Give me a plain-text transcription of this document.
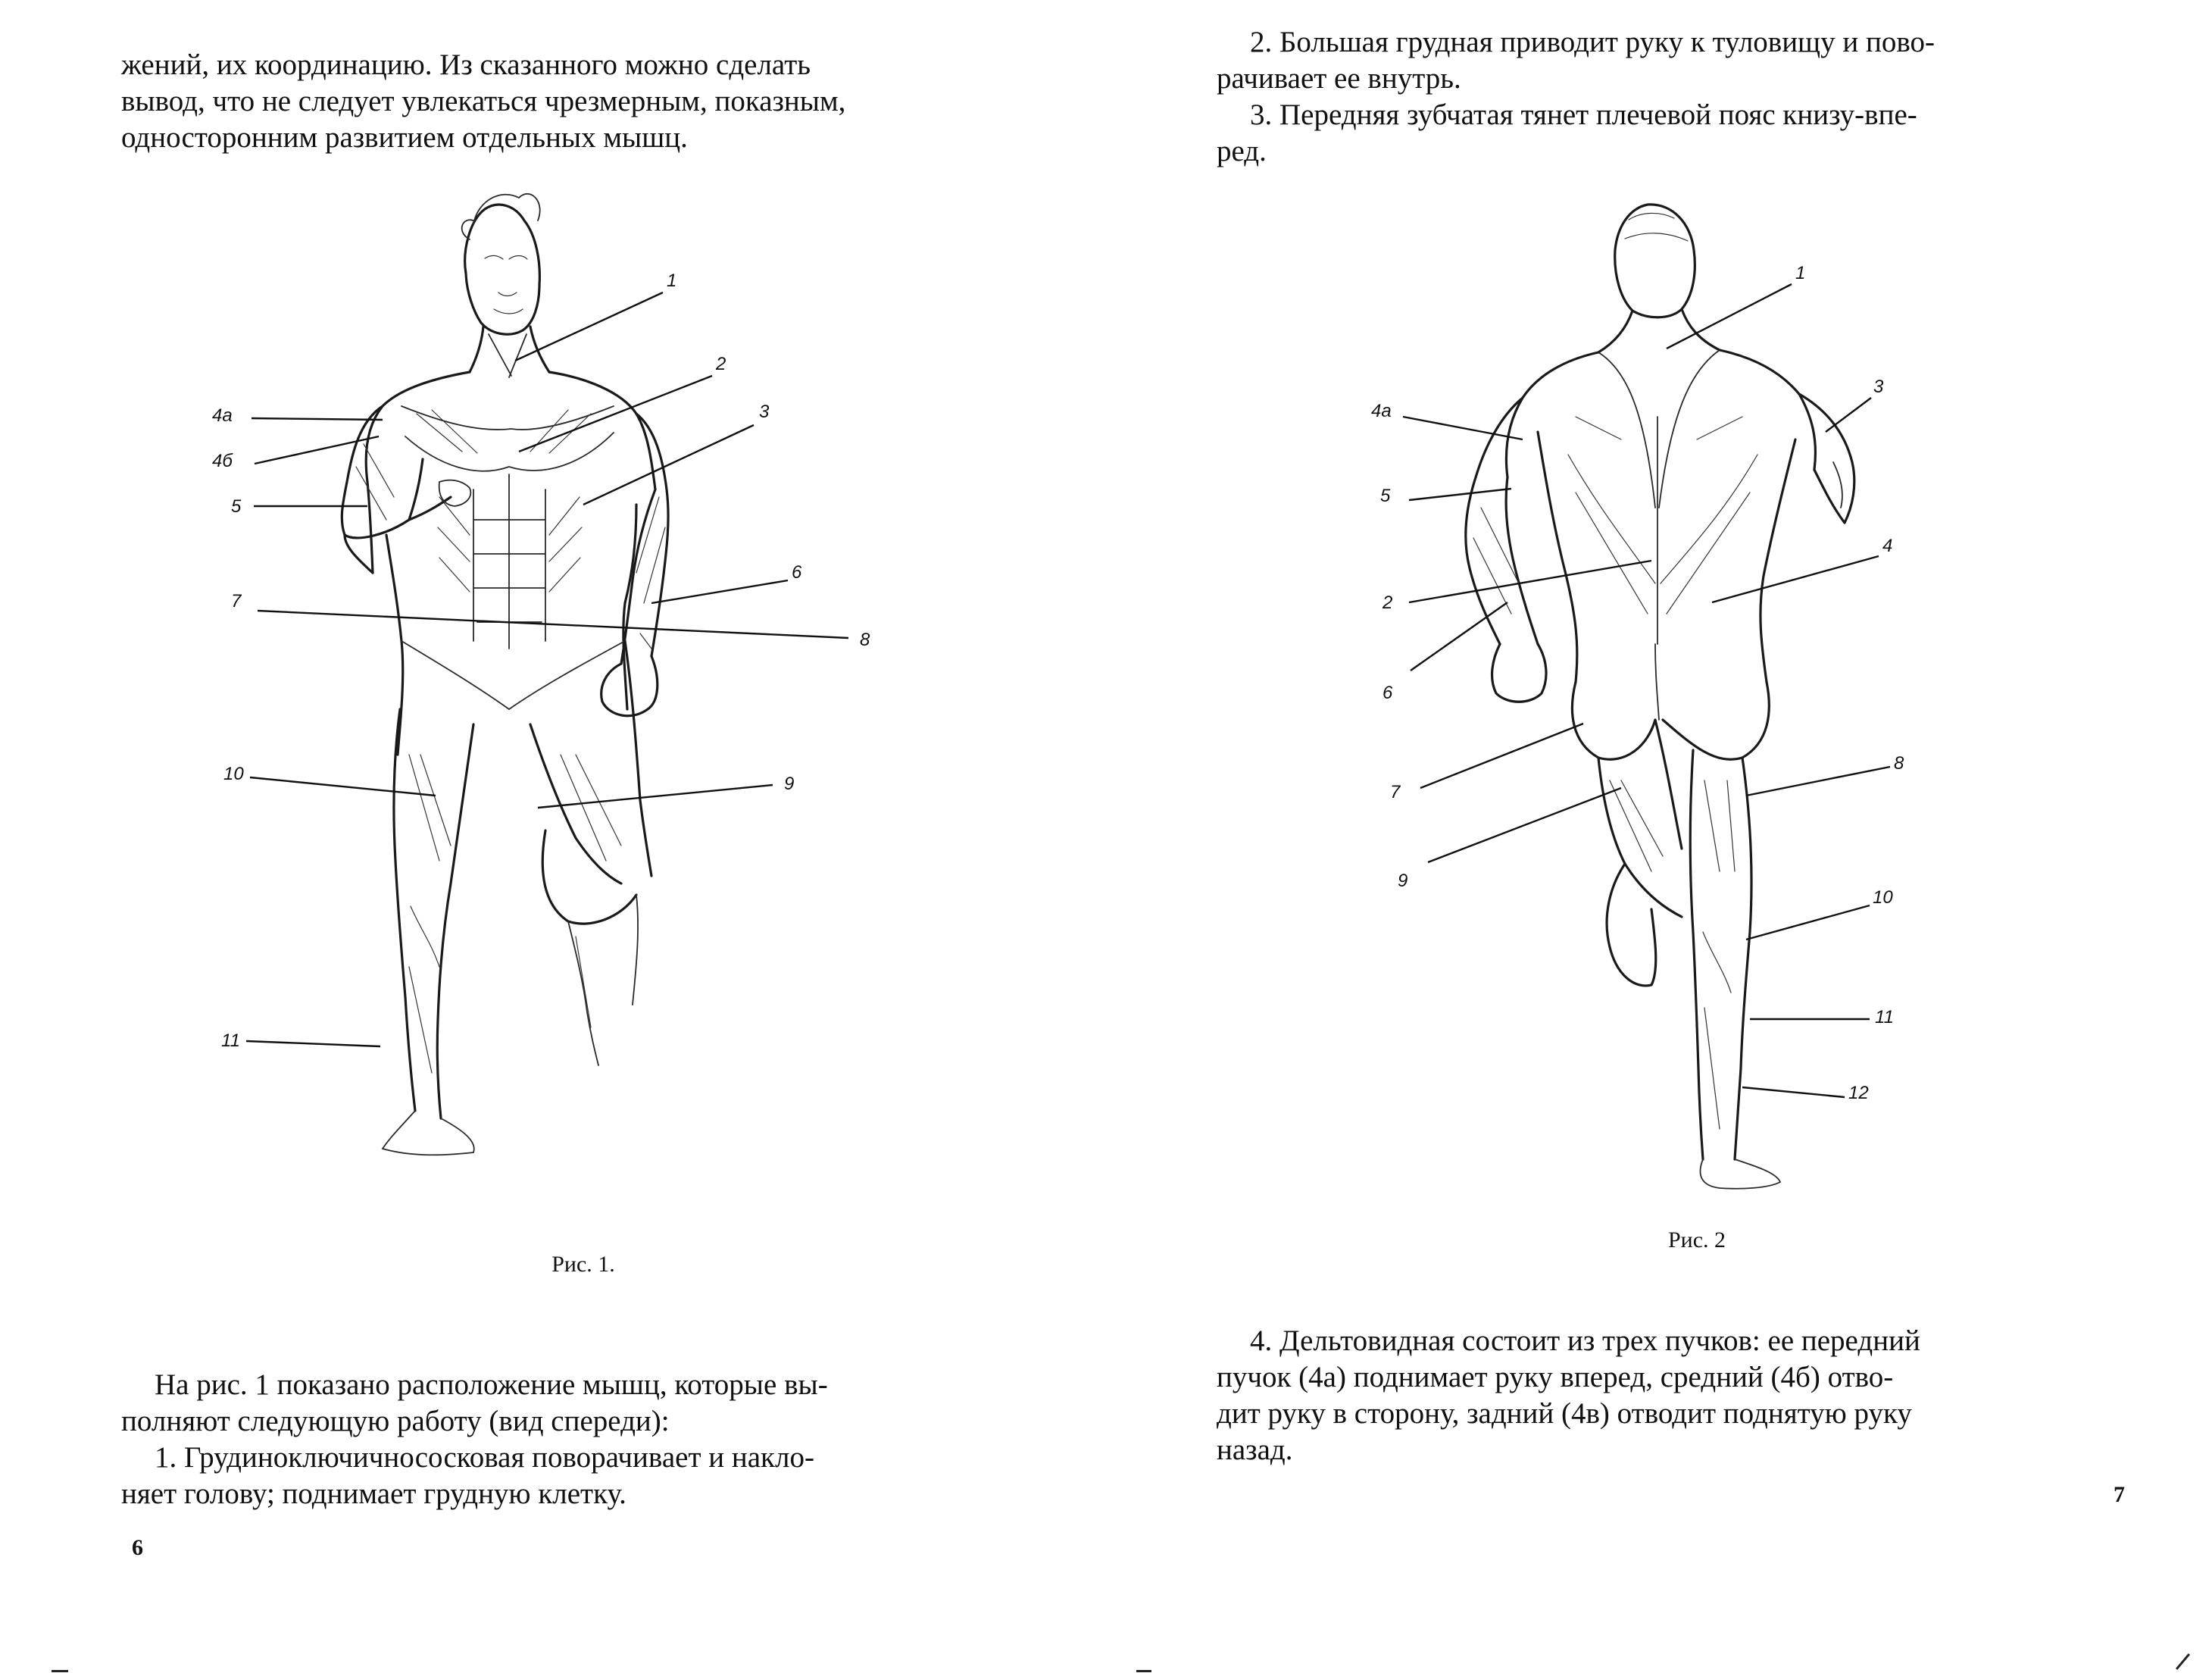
жений, их координацию. Из сказанного можно сделать

вывод, что не следует увлекаться чрезмерным, показным,

односторонним развитием отдельных мышц.

1
2
3
4а
4б
5
6
7
8
9
10
11
Рис. 1.

На рис. 1 показано расположение мышц, которые вы-

полняют следующую работу (вид спереди):

1. Грудиноключичнососковая поворачивает и накло-

няет голову; поднимает грудную клетку.

6

2. Большая грудная приводит руку к туловищу и пово-

рачивает ее внутрь.

3. Передняя зубчатая тянет плечевой пояс книзу-впе-

ред.

1
3
4а
5
4
2
6
7
8
9
10
11
12
Рис. 2

4. Дельтовидная состоит из трех пучков: ее передний

пучок (4а) поднимает руку вперед, средний (4б) отво-

дит руку в сторону, задний (4в) отводит поднятую руку

назад.

7
